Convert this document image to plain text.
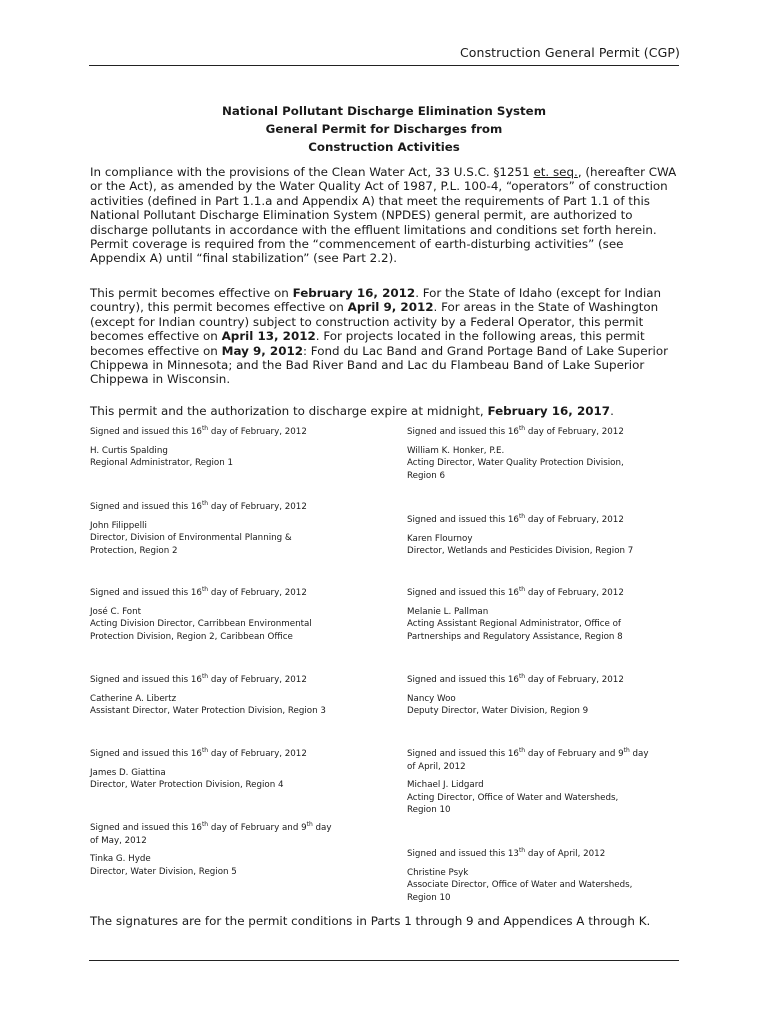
Construction General Permit (CGP)
National Pollutant Discharge Elimination System
General Permit for Discharges from
Construction Activities
In compliance with the provisions of the Clean Water Act, 33 U.S.C. §1251 et. seq., (hereafter CWA or the Act), as amended by the Water Quality Act of 1987, P.L. 100-4, “operators” of construction activities (defined in Part 1.1.a and Appendix A) that meet the requirements of Part 1.1 of this National Pollutant Discharge Elimination System (NPDES) general permit, are authorized to discharge pollutants in accordance with the effluent limitations and conditions set forth herein. Permit coverage is required from the “commencement of earth-disturbing activities” (see Appendix A) until “final stabilization” (see Part 2.2).
This permit becomes effective on February 16, 2012. For the State of Idaho (except for Indian country), this permit becomes effective on April 9, 2012. For areas in the State of Washington (except for Indian country) subject to construction activity by a Federal Operator, this permit becomes effective on April 13, 2012. For projects located in the following areas, this permit becomes effective on May 9, 2012: Fond du Lac Band and Grand Portage Band of Lake Superior Chippewa in Minnesota; and the Bad River Band and Lac du Flambeau Band of Lake Superior Chippewa in Wisconsin.
This permit and the authorization to discharge expire at midnight, February 16, 2017.
Signed and issued this 16th day of February, 2012
H. Curtis Spalding
Regional Administrator, Region 1
Signed and issued this 16th day of February, 2012
John Filippelli
Director, Division of Environmental Planning &
Protection, Region 2
Signed and issued this 16th day of February, 2012
José C. Font
Acting Division Director, Carribbean Environmental
Protection Division, Region 2, Caribbean Office
Signed and issued this 16th day of February, 2012
Catherine A. Libertz
Assistant Director, Water Protection Division, Region 3
Signed and issued this 16th day of February, 2012
James D. Giattina
Director, Water Protection Division, Region 4
Signed and issued this 16th day of February and 9th day
of May, 2012
Tinka G. Hyde
Director, Water Division, Region 5
Signed and issued this 16th day of February, 2012
William K. Honker, P.E.
Acting Director, Water Quality Protection Division,
Region 6
Signed and issued this 16th day of February, 2012
Karen Flournoy
Director, Wetlands and Pesticides Division, Region 7
Signed and issued this 16th day of February, 2012
Melanie L. Pallman
Acting Assistant Regional Administrator, Office of
Partnerships and Regulatory Assistance, Region 8
Signed and issued this 16th day of February, 2012
Nancy Woo
Deputy Director, Water Division, Region 9
Signed and issued this 16th day of February and 9th day
of April, 2012
Michael J. Lidgard
Acting Director, Office of Water and Watersheds,
Region 10
Signed and issued this 13th day of April, 2012
Christine Psyk
Associate Director, Office of Water and Watersheds,
Region 10
The signatures are for the permit conditions in Parts 1 through 9 and Appendices A through K.
